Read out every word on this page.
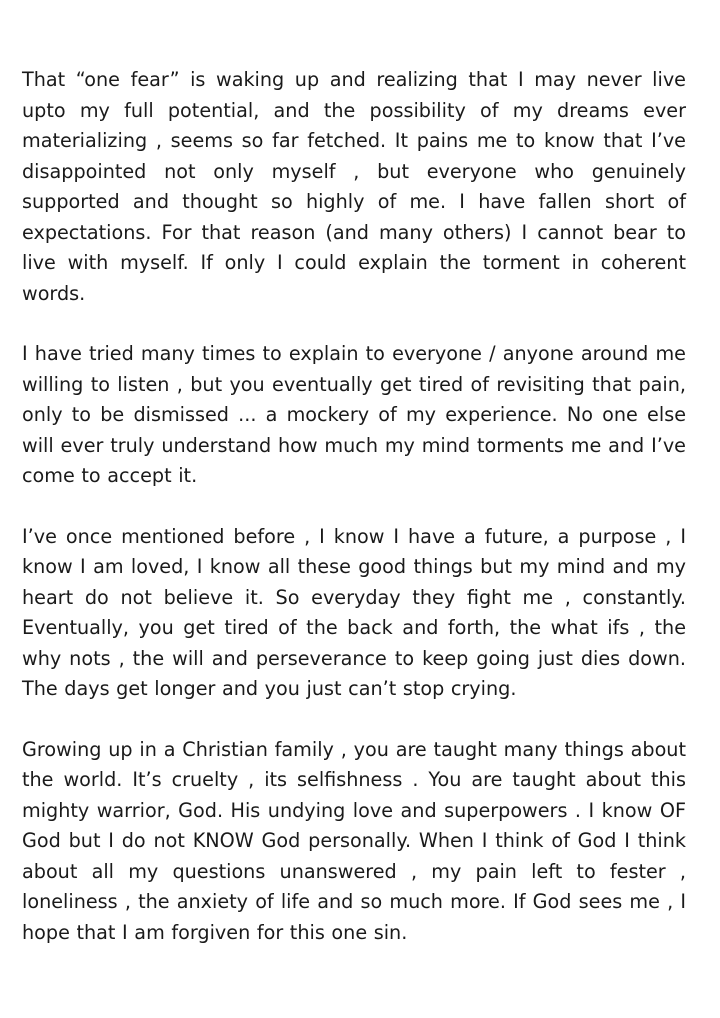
That “one fear” is waking up and realizing that I may never live upto my full potential, and the possibility of my dreams ever materializing , seems so far fetched. It pains me to know that I’ve disappointed not only myself , but everyone who genuinely supported and thought so highly of me. I have fallen short of expectations. For that reason (and many others) I cannot bear to live with myself. If only I could explain the torment in coherent words.

I have tried many times to explain to everyone / anyone around me willing to listen , but you eventually get tired of revisiting that pain, only to be dismissed ... a mockery of my experience. No one else will ever truly understand how much my mind torments me and I’ve come to accept it.

I’ve once mentioned before , I know I have a future, a purpose , I know I am loved, I know all these good things but my mind and my heart do not believe it. So everyday they fight me , constantly. Eventually, you get tired of the back and forth, the what ifs , the why nots , the will and perseverance to keep going just dies down. The days get longer and you just can’t stop crying.

Growing up in a Christian family , you are taught many things about the world. It’s cruelty , its selfishness . You are taught about this mighty warrior, God. His undying love and superpowers . I know OF God but I do not KNOW God personally. When I think of God I think about all my questions unanswered , my pain left to fester , loneliness , the anxiety of life and so much more. If God sees me , I hope that I am forgiven for this one sin.
